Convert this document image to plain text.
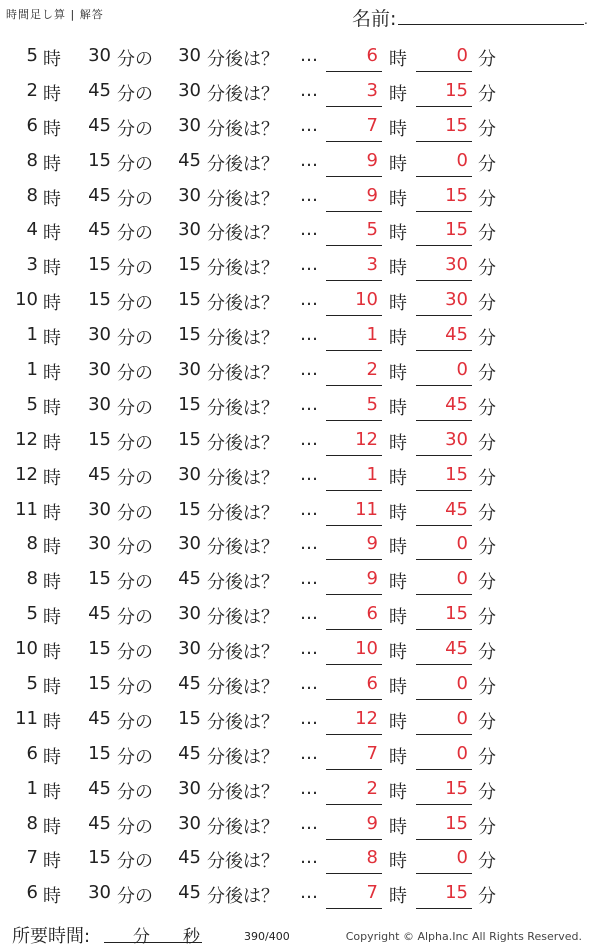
時間足し算 | 解答	名前:	.
5 時	30 分の	30 分後は？ …	6 時	0 分
2 時	45 分の	30 分後は？ …	3 時	15 分
6 時	45 分の	30 分後は？ …	7 時	15 分
8 時	15 分の	45 分後は？ …	9 時	0 分
8 時	45 分の	30 分後は？ …	9 時	15 分
4 時	45 分の	30 分後は？ …	5 時	15 分
3 時	15 分の	15 分後は？ …	3 時	30 分
10 時	15 分の	15 分後は？ …	10 時	30 分
1 時	30 分の	15 分後は？ …	1 時	45 分
1 時	30 分の	30 分後は？ …	2 時	0 分
5 時	30 分の	15 分後は？ …	5 時	45 分
12 時	15 分の	15 分後は？ …	12 時	30 分
12 時	45 分の	30 分後は？ …	1 時	15 分
11 時	30 分の	15 分後は？ …	11 時	45 分
8 時	30 分の	30 分後は？ …	9 時	0 分
8 時	15 分の	45 分後は？ …	9 時	0 分
5 時	45 分の	30 分後は？ …	6 時	15 分
10 時	15 分の	30 分後は？ …	10 時	45 分
5 時	15 分の	45 分後は？ …	6 時	0 分
11 時	45 分の	15 分後は？ …	12 時	0 分
6 時	15 分の	45 分後は？ …	7 時	0 分
1 時	45 分の	30 分後は？ …	2 時	15 分
8 時	45 分の	30 分後は？ …	9 時	15 分
7 時	15 分の	45 分後は？ …	8 時	0 分
6 時	30 分の	45 分後は？ …	7 時	15 分
所要時間:	分 秒	390/400	Copyright © Alpha.Inc All Rights Reserved.
